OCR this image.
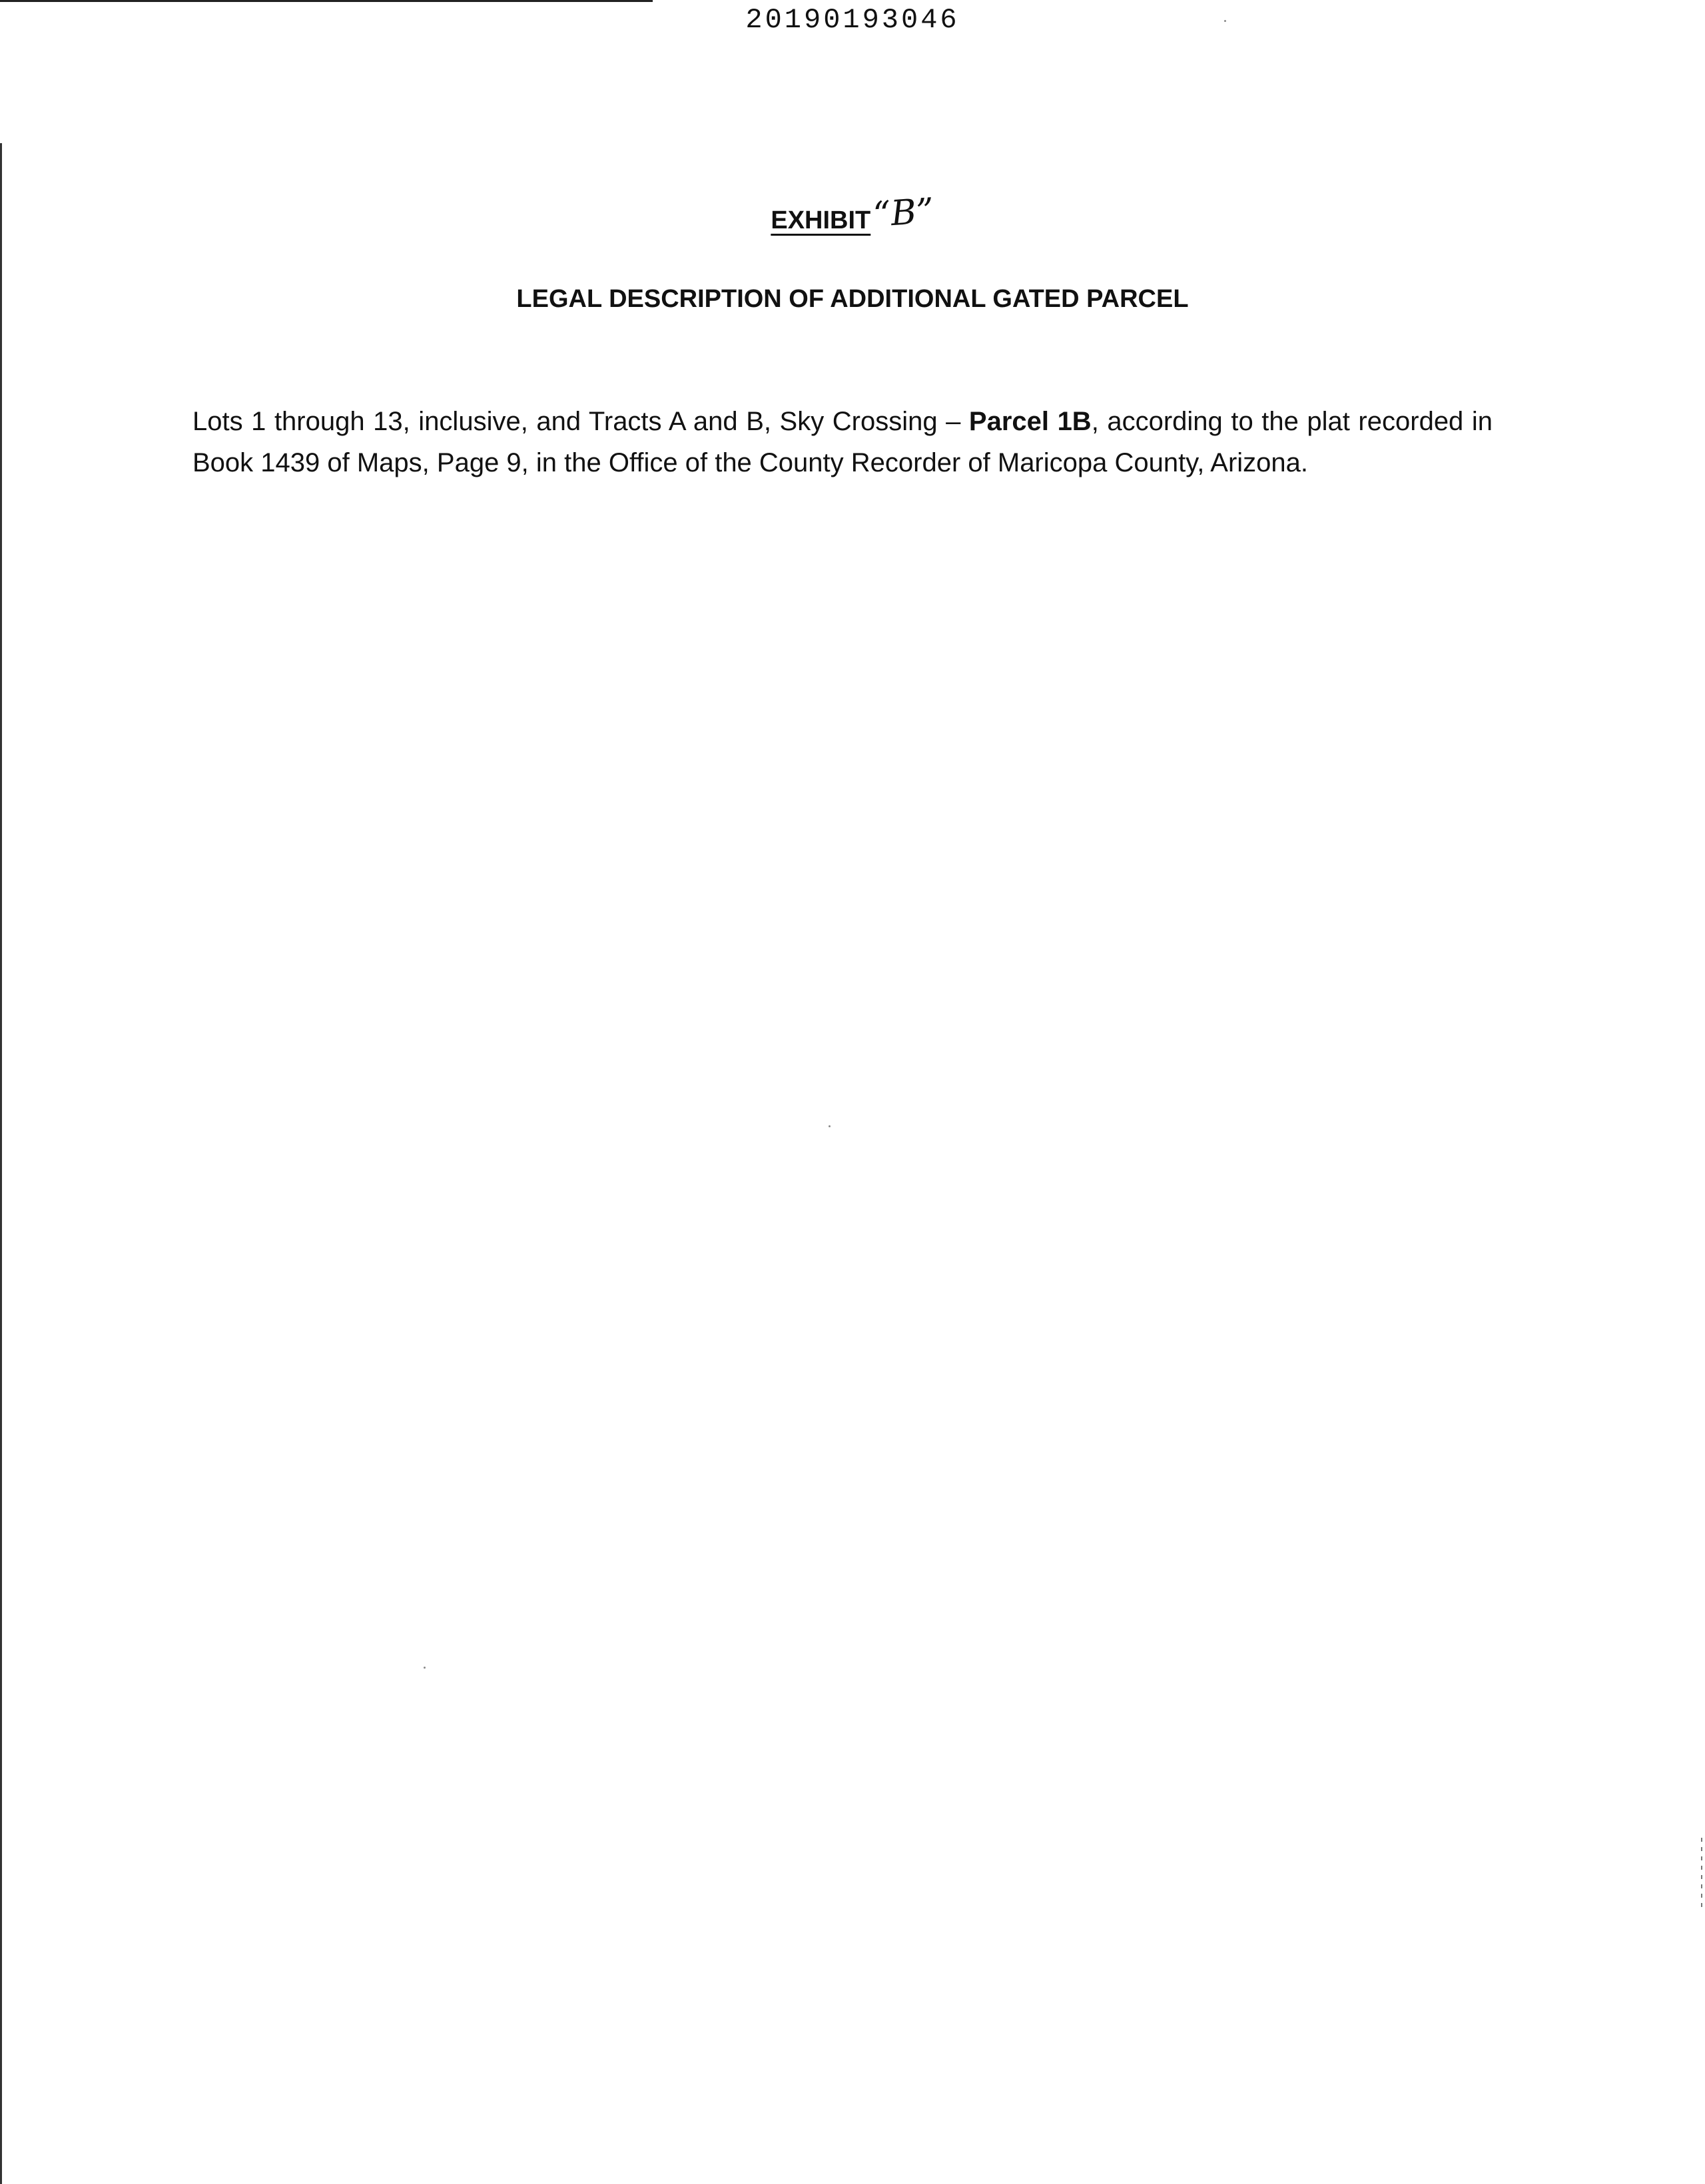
20190193046
EXHIBIT“B”
LEGAL DESCRIPTION OF ADDITIONAL GATED PARCEL

Lots 1 through 13, inclusive, and Tracts A and B, Sky Crossing – Parcel 1B, according to the plat recorded in Book 1439 of Maps, Page 9, in the Office of the County Recorder of Maricopa County, Arizona.
